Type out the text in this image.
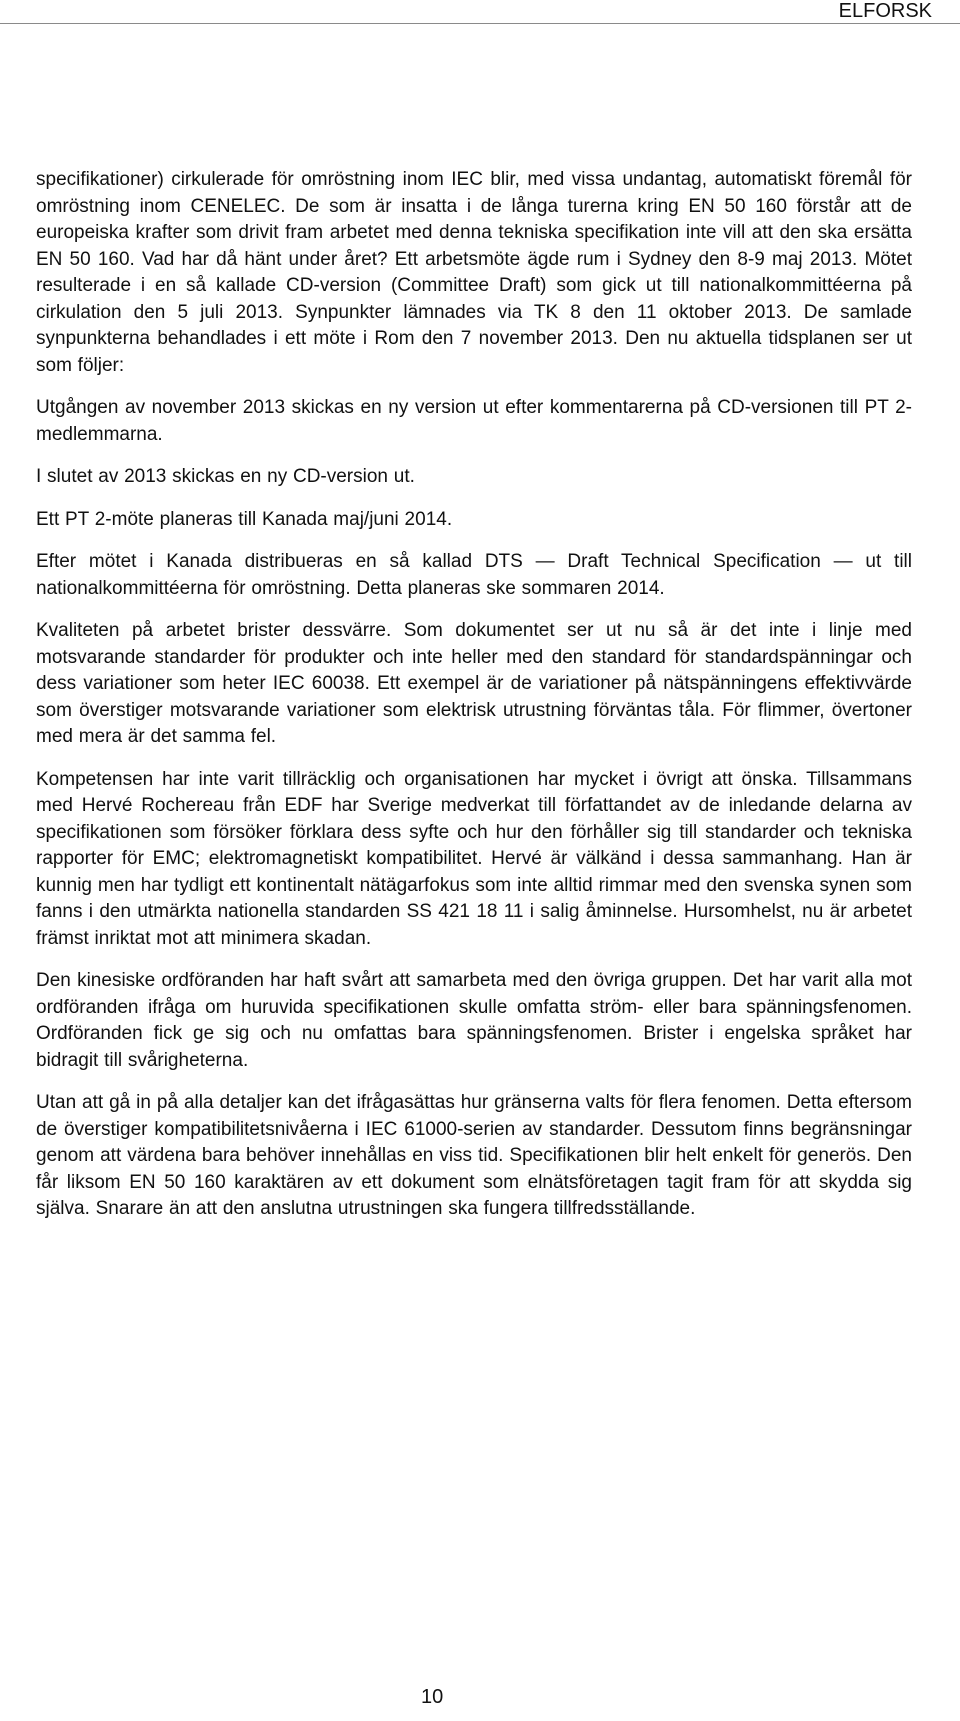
ELFORSK

specifikationer) cirkulerade för omröstning inom IEC blir, med vissa undantag, automatiskt föremål för omröstning inom CENELEC. De som är insatta i de långa turerna kring EN 50 160 förstår att de europeiska krafter som drivit fram arbetet med denna tekniska specifikation inte vill att den ska ersätta EN 50 160. Vad har då hänt under året? Ett arbetsmöte ägde rum i Sydney den 8-9 maj 2013. Mötet resulterade i en så kallade CD-version (Committee Draft) som gick ut till nationalkommittéerna på cirkulation den 5 juli 2013. Synpunkter lämnades via TK 8 den 11 oktober 2013. De samlade synpunkterna behandlades i ett möte i Rom den 7 november 2013. Den nu aktuella tidsplanen ser ut som följer:

Utgången av november 2013 skickas en ny version ut efter kommentarerna på CD-versionen till PT 2-medlemmarna.

I slutet av 2013 skickas en ny CD-version ut.

Ett PT 2-möte planeras till Kanada maj/juni 2014.

Efter mötet i Kanada distribueras en så kallad DTS — Draft Technical Specification — ut till nationalkommittéerna för omröstning. Detta planeras ske sommaren 2014.

Kvaliteten på arbetet brister dessvärre. Som dokumentet ser ut nu så är det inte i linje med motsvarande standarder för produkter och inte heller med den standard för standardspänningar och dess variationer som heter IEC 60038. Ett exempel är de variationer på nätspänningens effektivvärde som överstiger motsvarande variationer som elektrisk utrustning förväntas tåla. För flimmer, övertoner med mera är det samma fel.

Kompetensen har inte varit tillräcklig och organisationen har mycket i övrigt att önska. Tillsammans med Hervé Rochereau från EDF har Sverige medverkat till författandet av de inledande delarna av specifikationen som försöker förklara dess syfte och hur den förhåller sig till standarder och tekniska rapporter för EMC; elektromagnetiskt kompatibilitet. Hervé är välkänd i dessa sammanhang. Han är kunnig men har tydligt ett kontinentalt nätägarfokus som inte alltid rimmar med den svenska synen som fanns i den utmärkta nationella standarden SS 421 18 11 i salig åminnelse. Hursomhelst, nu är arbetet främst inriktat mot att minimera skadan.

Den kinesiske ordföranden har haft svårt att samarbeta med den övriga gruppen. Det har varit alla mot ordföranden ifråga om huruvida specifikationen skulle omfatta ström- eller bara spänningsfenomen. Ordföranden fick ge sig och nu omfattas bara spänningsfenomen. Brister i engelska språket har bidragit till svårigheterna.

Utan att gå in på alla detaljer kan det ifrågasättas hur gränserna valts för flera fenomen. Detta eftersom de överstiger kompatibilitetsnivåerna i IEC 61000-serien av standarder. Dessutom finns begränsningar genom att värdena bara behöver innehållas en viss tid. Specifikationen blir helt enkelt för generös. Den får liksom EN 50 160 karaktären av ett dokument som elnätsföretagen tagit fram för att skydda sig själva. Snarare än att den anslutna utrustningen ska fungera tillfredsställande.

10
